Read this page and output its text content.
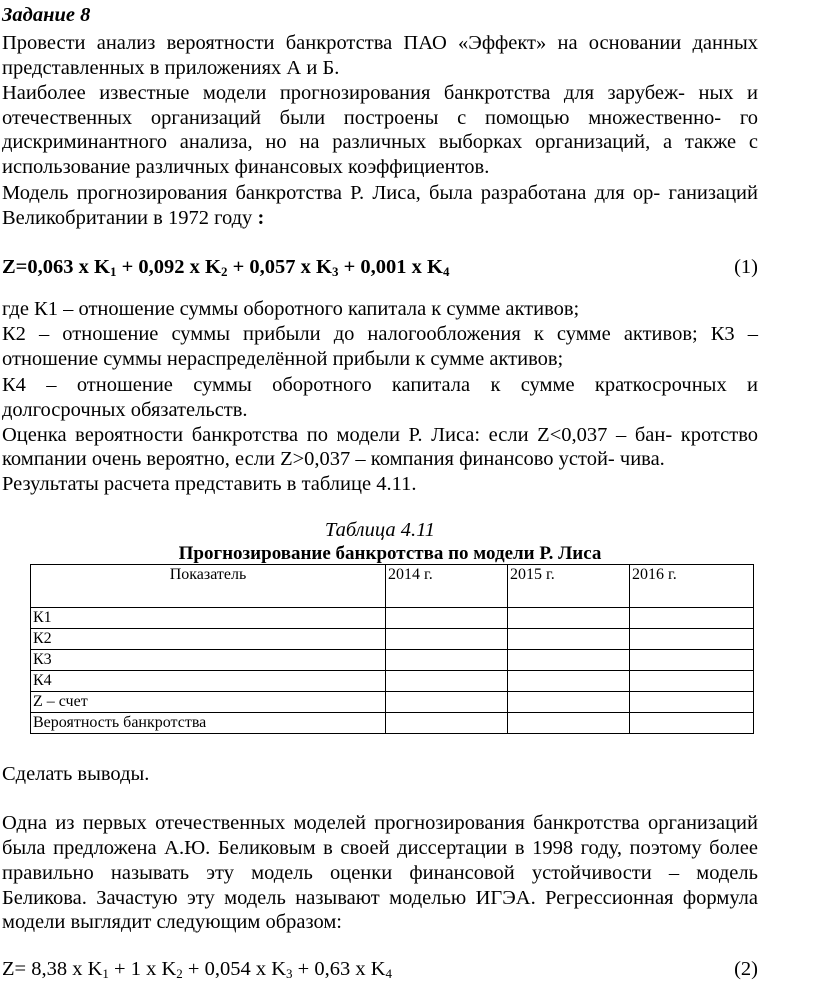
Задание 8
Провести анализ вероятности банкротства ПАО «Эффект» на основании данных
представленных в приложениях А и Б.
Наиболее известные модели прогнозирования банкротства для зарубеж- ных и
отечественных организаций были построены с помощью множественно- го
дискриминантного анализа, но на различных выборках организаций, а также с
использование различных финансовых коэффициентов.
Модель прогнозирования банкротства Р. Лиса, была разработана для ор- ганизаций
Великобритании в 1972 году :
Z=0,063 х $K_1 + 0,092$ х $K_2 + 0,057$ х $K_3 + 0,001$ х $K_4$	(1)
где К1 – отношение суммы оборотного капитала к сумме активов;
К2 – отношение суммы прибыли до налогообложения к сумме активов; К3 –
отношение суммы нераспределённой прибыли к сумме активов;
К4 – отношение суммы оборотного капитала к сумме краткосрочных и
долгосрочных обязательств.
Оценка вероятности банкротства по модели Р. Лиса: если Z<0,037 – бан- кротство
компании очень вероятно, если Z>0,037 – компания финансово устой- чива.
Результаты расчета представить в таблице 4.11.
Таблица 4.11
Прогнозирование банкротства по модели Р. Лиса
Показатель	2014 г.	2015 г.	2016 г.
К1			
К2			
К3			
К4			
Z – счет			
Вероятность банкротства			
Сделать выводы.
Одна из первых отечественных моделей прогнозирования банкротства организаций
была предложена А.Ю. Беликовым в своей диссертации в 1998 году, поэтому более
правильно называть эту модель оценки финансовой устойчивости – модель
Беликова. Зачастую эту модель называют моделью ИГЭА. Регрессионная формула
модели выглядит следующим образом:
Z= 8,38 х $K_1 + 1$ х $K_2 + 0,054$ х $K_3 + 0,63$ х $K_4$	(2)
